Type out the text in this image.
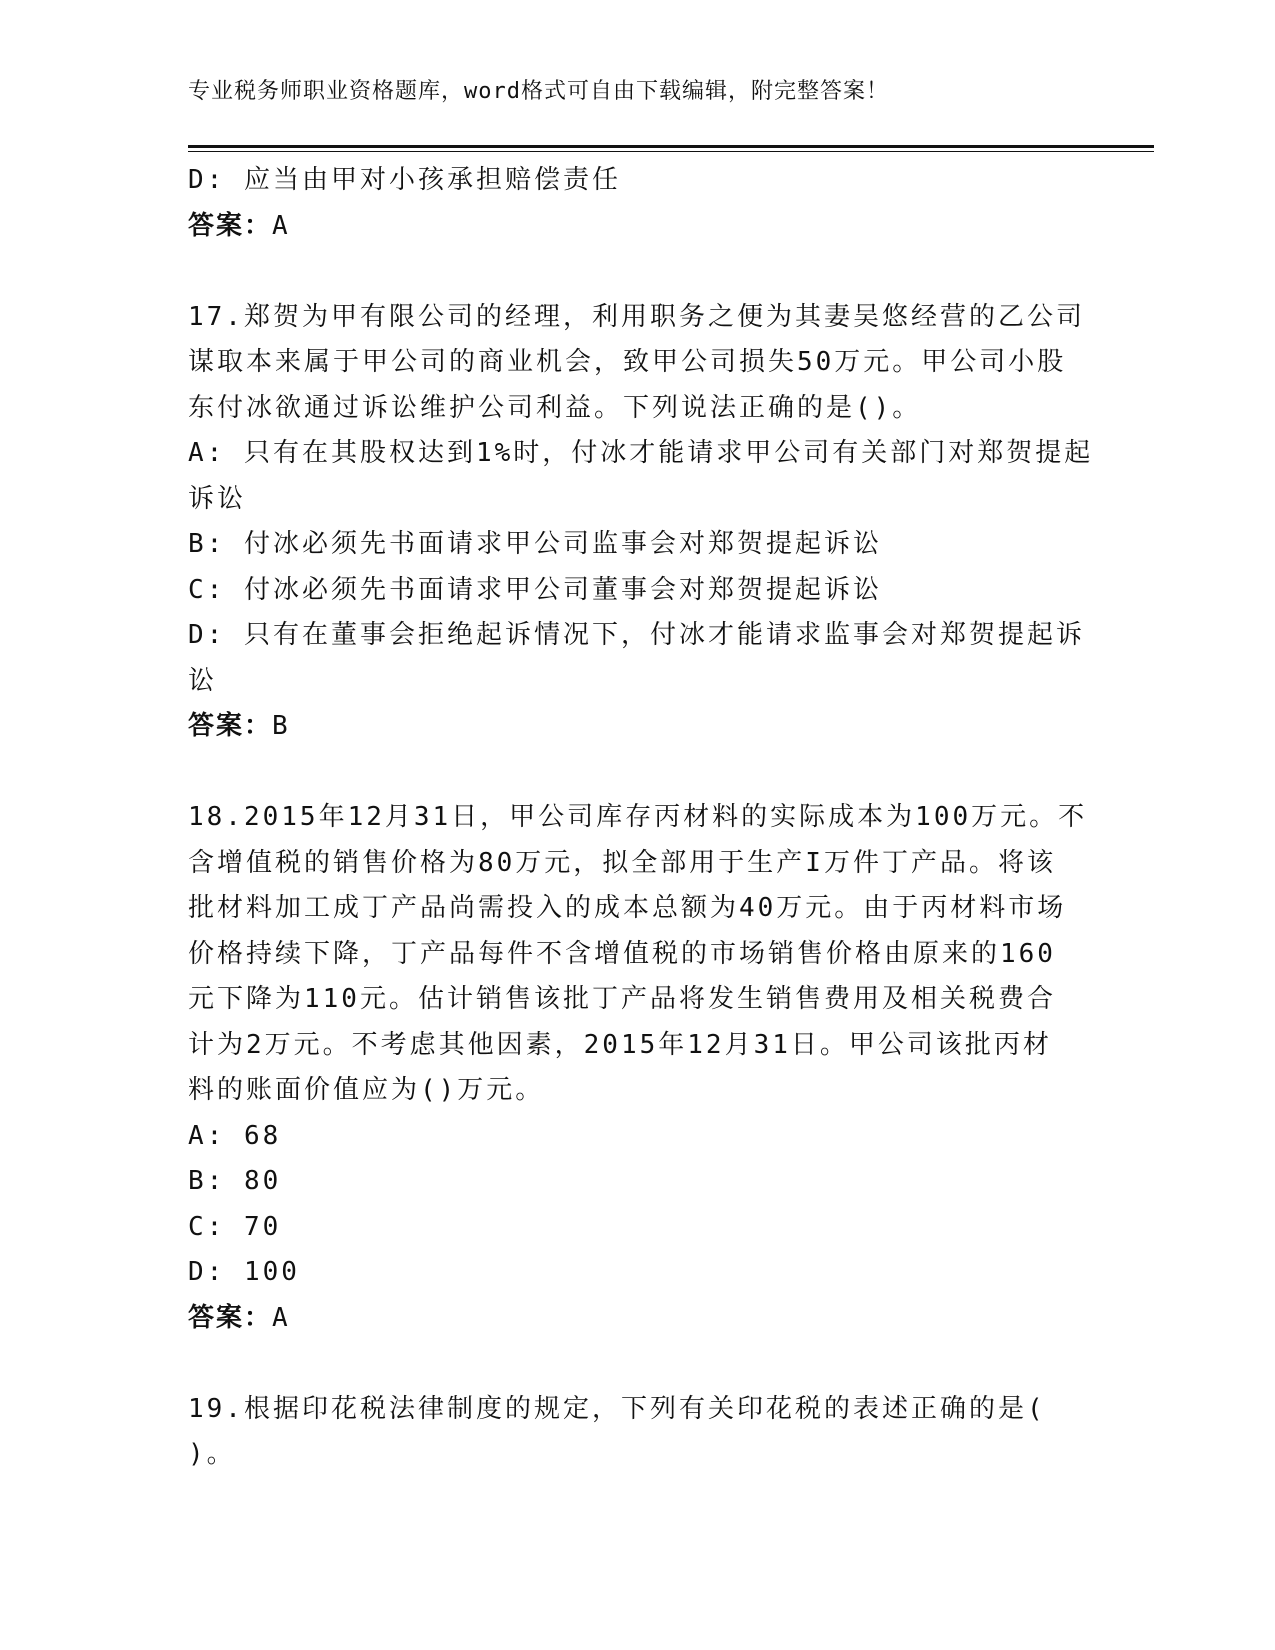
专业税务师职业资格题库，word格式可自由下载编辑，附完整答案！
D: 应当由甲对小孩承担赔偿责任
答案：A
17.郑贺为甲有限公司的经理，利用职务之便为其妻吴悠经营的乙公司
谋取本来属于甲公司的商业机会，致甲公司损失50万元。甲公司小股
东付冰欲通过诉讼维护公司利益。下列说法正确的是()。
A: 只有在其股权达到1%时，付冰才能请求甲公司有关部门对郑贺提起
诉讼
B: 付冰必须先书面请求甲公司监事会对郑贺提起诉讼
C: 付冰必须先书面请求甲公司董事会对郑贺提起诉讼
D: 只有在董事会拒绝起诉情况下，付冰才能请求监事会对郑贺提起诉
讼
答案：B
18.2015年12月31日，甲公司库存丙材料的实际成本为100万元。不
含增值税的销售价格为80万元，拟全部用于生产I万件丁产品。将该
批材料加工成丁产品尚需投入的成本总额为40万元。由于丙材料市场
价格持续下降，丁产品每件不含增值税的市场销售价格由原来的160
元下降为110元。估计销售该批丁产品将发生销售费用及相关税费合
计为2万元。不考虑其他因素，2015年12月31日。甲公司该批丙材
料的账面价值应为()万元。
A: 68
B: 80
C: 70
D: 100
答案：A
19.根据印花税法律制度的规定，下列有关印花税的表述正确的是(
)。
